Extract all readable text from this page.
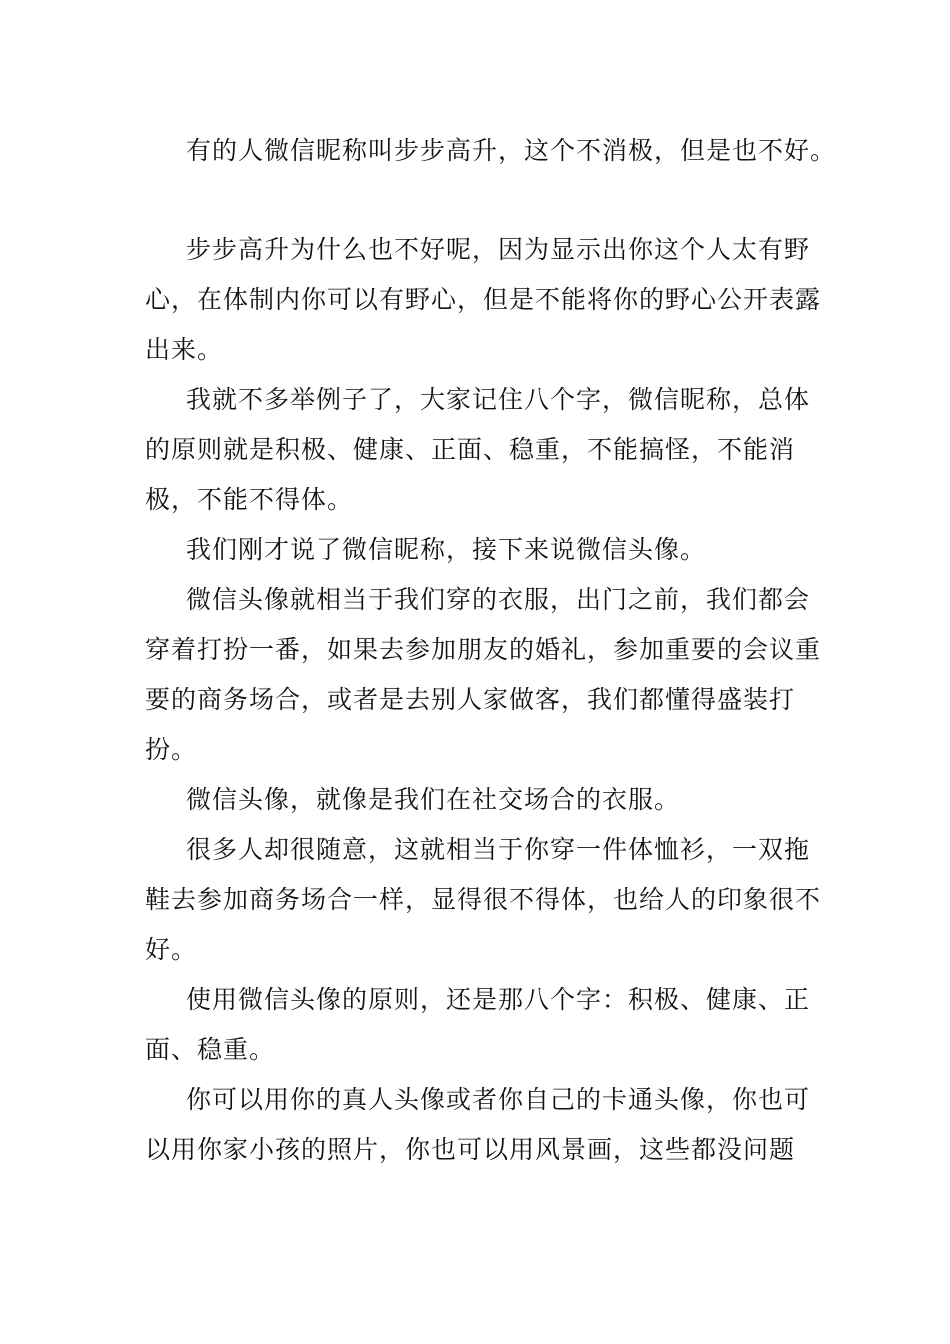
有的人微信昵称叫步步高升，这个不消极，但是也不好。

步步高升为什么也不好呢，因为显示出你这个人太有野心，在体制内你可以有野心，但是不能将你的野心公开表露出来。

我就不多举例子了，大家记住八个字，微信昵称，总体的原则就是积极、健康、正面、稳重，不能搞怪，不能消极，不能不得体。

我们刚才说了微信昵称，接下来说微信头像。

微信头像就相当于我们穿的衣服，出门之前，我们都会穿着打扮一番，如果去参加朋友的婚礼，参加重要的会议重要的商务场合，或者是去别人家做客，我们都懂得盛装打扮。

微信头像，就像是我们在社交场合的衣服。

很多人却很随意，这就相当于你穿一件体恤衫，一双拖鞋去参加商务场合一样，显得很不得体，也给人的印象很不好。

使用微信头像的原则，还是那八个字：积极、健康、正面、稳重。

你可以用你的真人头像或者你自己的卡通头像，你也可以用你家小孩的照片，你也可以用风景画，这些都没问题
